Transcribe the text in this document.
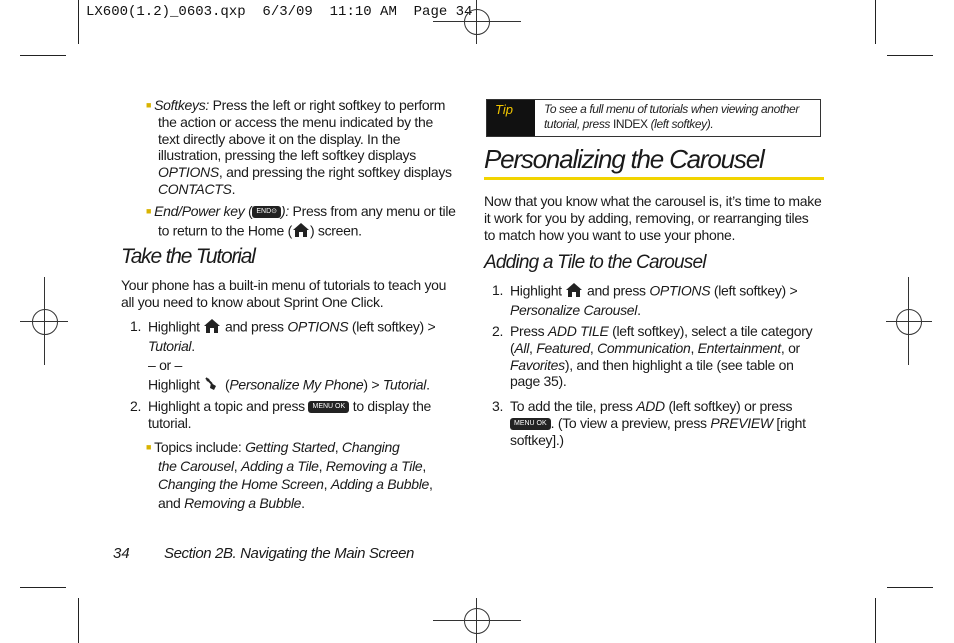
LX600(1.2)_0603.qxp  6/3/09  11:10 AM  Page 34
■ Softkeys: Press the left or right softkey to perform
the action or access the menu indicated by the
text directly above it on the display. In the
illustration, pressing the left softkey displays
OPTIONS, and pressing the right softkey displays
CONTACTS.
■ End/Power key ( END⊙ ): Press from any menu or tile
to return to the Home ( ) screen.
Take the Tutorial
Your phone has a built-in menu of tutorials to teach you
all you need to know about Sprint One Click.
1. Highlight  and press OPTIONS (left softkey) >
Tutorial.
– or –
Highlight  (Personalize My Phone) > Tutorial.
2. Highlight a topic and press MENU OK to display the
tutorial.
■ Topics include: Getting Started, Changing
the Carousel, Adding a Tile, Removing a Tile,
Changing the Home Screen, Adding a Bubble,
and Removing a Bubble.
Tip	To see a full menu of tutorials when viewing another
tutorial, press INDEX (left softkey).
Personalizing the Carousel
Now that you know what the carousel is, it’s time to make
it work for you by adding, removing, or rearranging tiles
to match how you want to use your phone.
Adding a Tile to the Carousel
1. Highlight  and press OPTIONS (left softkey) >
Personalize Carousel.
2. Press ADD TILE (left softkey), select a tile category
(All, Featured, Communication, Entertainment, or
Favorites), and then highlight a tile (see table on
page 35).
3. To add the tile, press ADD (left softkey) or press
MENU OK . (To view a preview, press PREVIEW [right
softkey].)
34 Section 2B. Navigating the Main Screen
